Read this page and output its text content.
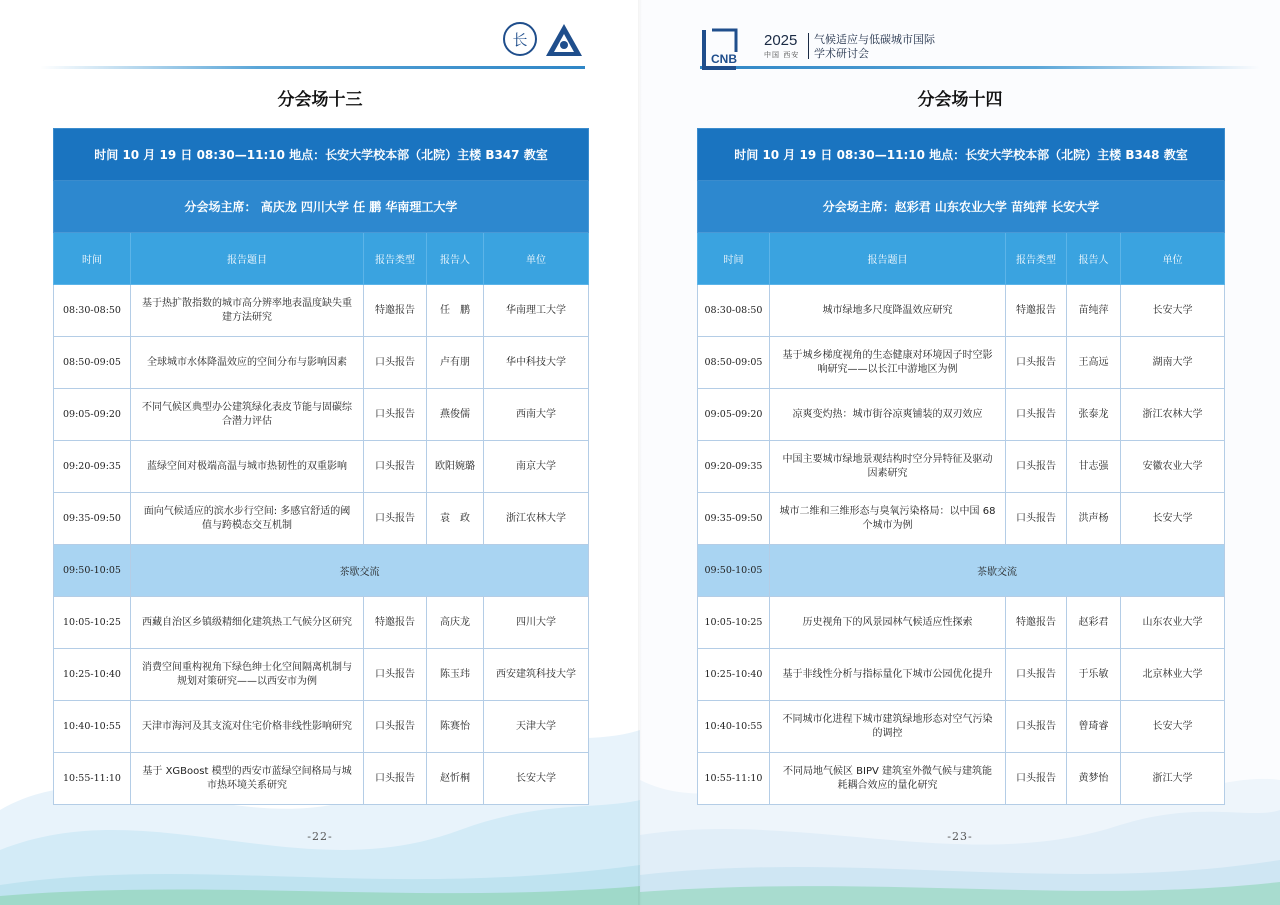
长
分会场十三
时间 10 月 19 日 08:30—11:10 地点：长安大学校本部（北院）主楼 B347 教室				
分会场主席： 高庆龙 四川大学 任 鹏 华南理工大学				
时间	报告题目	报告类型	报告人	单位
08:30-08:50	基于热扩散指数的城市高分辨率地表温度缺失重建方法研究	特邀报告	任　鹏	华南理工大学
08:50-09:05	全球城市水体降温效应的空间分布与影响因素	口头报告	卢有朋	华中科技大学
09:05-09:20	不同气候区典型办公建筑绿化表皮节能与固碳综合潜力评估	口头报告	燕俊儒	西南大学
09:20-09:35	蓝绿空间对极端高温与城市热韧性的双重影响	口头报告	欧阳婉璐	南京大学
09:35-09:50	面向气候适应的滨水步行空间: 多感官舒适的阈值与跨模态交互机制	口头报告	袁　政	浙江农林大学
09:50-10:05	茶歇交流			
10:05-10:25	西藏自治区乡镇级精细化建筑热工气候分区研究	特邀报告	高庆龙	四川大学
10:25-10:40	消费空间重构视角下绿色绅士化空间隔离机制与规划对策研究——以西安市为例	口头报告	陈玉玮	西安建筑科技大学
10:40-10:55	天津市海河及其支流对住宅价格非线性影响研究	口头报告	陈赛怡	天津大学
10:55-11:10	基于 XGBoost 模型的西安市蓝绿空间格局与城市热环境关系研究	口头报告	赵忻桐	长安大学
-22-
CNB
2025
中国 西安
气候适应与低碳城市国际
学术研讨会
分会场十四
时间 10 月 19 日 08:30—11:10 地点：长安大学校本部（北院）主楼 B348 教室				
分会场主席：赵彩君 山东农业大学 苗纯萍 长安大学				
时间	报告题目	报告类型	报告人	单位
08:30-08:50	城市绿地多尺度降温效应研究	特邀报告	苗纯萍	长安大学
08:50-09:05	基于城乡梯度视角的生态健康对环境因子时空影响研究——以长江中游地区为例	口头报告	王高远	湖南大学
09:05-09:20	凉爽变灼热：城市街谷凉爽铺装的双刃效应	口头报告	张泰龙	浙江农林大学
09:20-09:35	中国主要城市绿地景观结构时空分异特征及驱动因素研究	口头报告	甘志强	安徽农业大学
09:35-09:50	城市二维和三维形态与臭氧污染格局：以中国 68 个城市为例	口头报告	洪声杨	长安大学
09:50-10:05	茶歇交流			
10:05-10:25	历史视角下的风景园林气候适应性探索	特邀报告	赵彩君	山东农业大学
10:25-10:40	基于非线性分析与指标量化下城市公园优化提升	口头报告	于乐敏	北京林业大学
10:40-10:55	不同城市化进程下城市建筑绿地形态对空气污染的调控	口头报告	曾琦睿	长安大学
10:55-11:10	不同局地气候区 BIPV 建筑室外微气候与建筑能耗耦合效应的量化研究	口头报告	黄梦怡	浙江大学
-23-
